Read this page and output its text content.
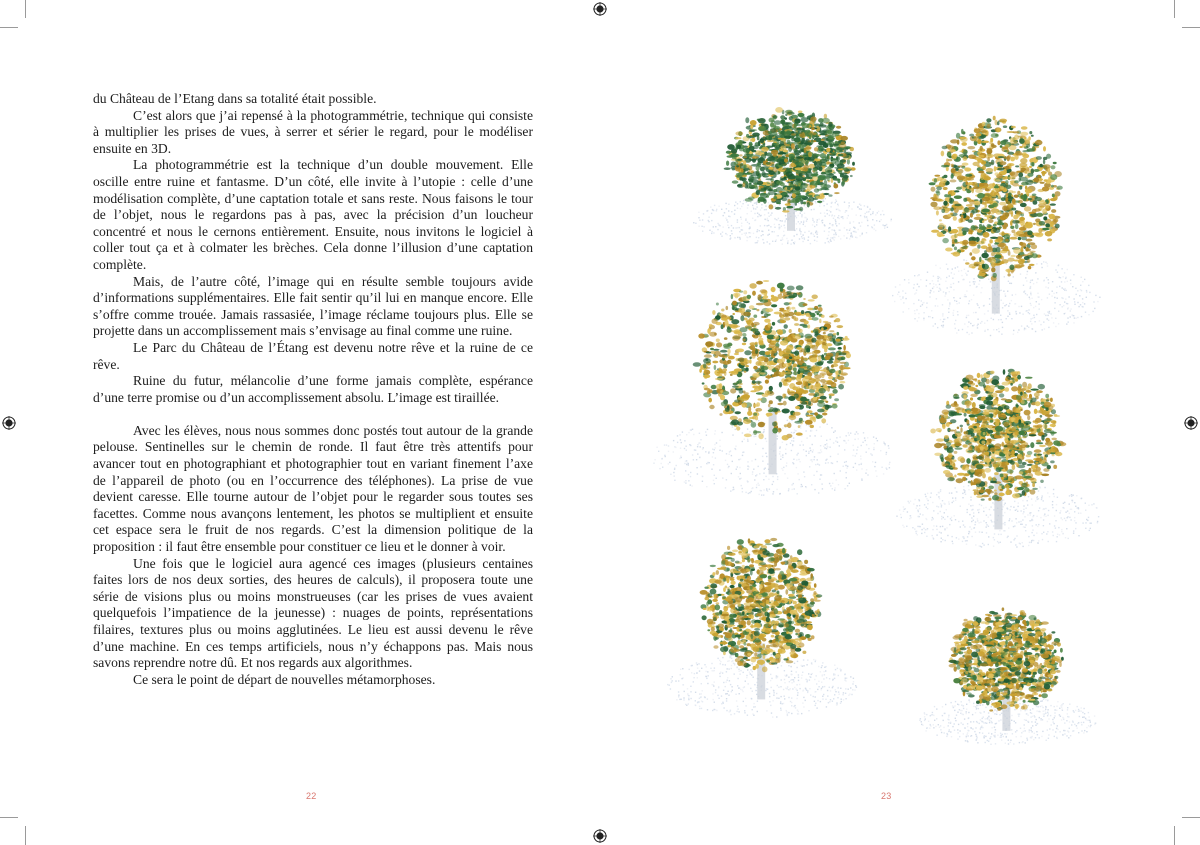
du Château de l’Etang dans sa totalité était possible.

C’est alors que j’ai repensé à la photogrammétrie, technique qui consiste à multiplier les prises de vues, à serrer et sérier le regard, pour le modéliser ensuite en 3D.

La photogrammétrie est la technique d’un double mouvement. Elle oscille entre ruine et fantasme. D’un côté, elle invite à l’utopie : celle d’une modélisation complète, d’une captation totale et sans reste. Nous faisons le tour de l’objet, nous le regardons pas à pas, avec la précision d’un loucheur concentré et nous le cernons entièrement. Ensuite, nous invitons le logiciel à coller tout ça et à colmater les brèches. Cela donne l’illusion d’une captation complète.

Mais, de l’autre côté, l’image qui en résulte semble toujours avide d’informations supplémentaires. Elle fait sentir qu’il lui en manque encore. Elle s’offre comme trouée. Jamais rassasiée, l’image réclame toujours plus. Elle se projette dans un accomplissement mais s’envisage au final comme une ruine.

Le Parc du Château de l’Étang est devenu notre rêve et la ruine de ce rêve.

Ruine du futur, mélancolie d’une forme jamais complète, espérance d’une terre promise ou d’un accomplissement absolu. L’image est tiraillée.

Avec les élèves, nous nous sommes donc postés tout autour de la grande pelouse. Sentinelles sur le chemin de ronde. Il faut être très attentifs pour avancer tout en photographiant et photographier tout en variant finement l’axe de l’appareil de photo (ou en l’occurrence des téléphones). La prise de vue devient caresse. Elle tourne autour de l’objet pour le regarder sous toutes ses facettes. Comme nous avançons lentement, les photos se multiplient et ensuite cet espace sera le fruit de nos regards. C’est la dimension politique de la proposition : il faut être ensemble pour constituer ce lieu et le donner à voir.

Une fois que le logiciel aura agencé ces images (plusieurs centaines faites lors de nos deux sorties, des heures de calculs), il proposera toute une série de visions plus ou moins monstrueuses (car les prises de vues avaient quelquefois l’impatience de la jeunesse) : nuages de points, représentations filaires, textures plus ou moins agglutinées. Le lieu est aussi devenu le rêve d’une machine. En ces temps artificiels, nous n’y échappons pas. Mais nous savons reprendre notre dû. Et nos regards aux algorithmes.

Ce sera le point de départ de nouvelles métamorphoses.

22	23
